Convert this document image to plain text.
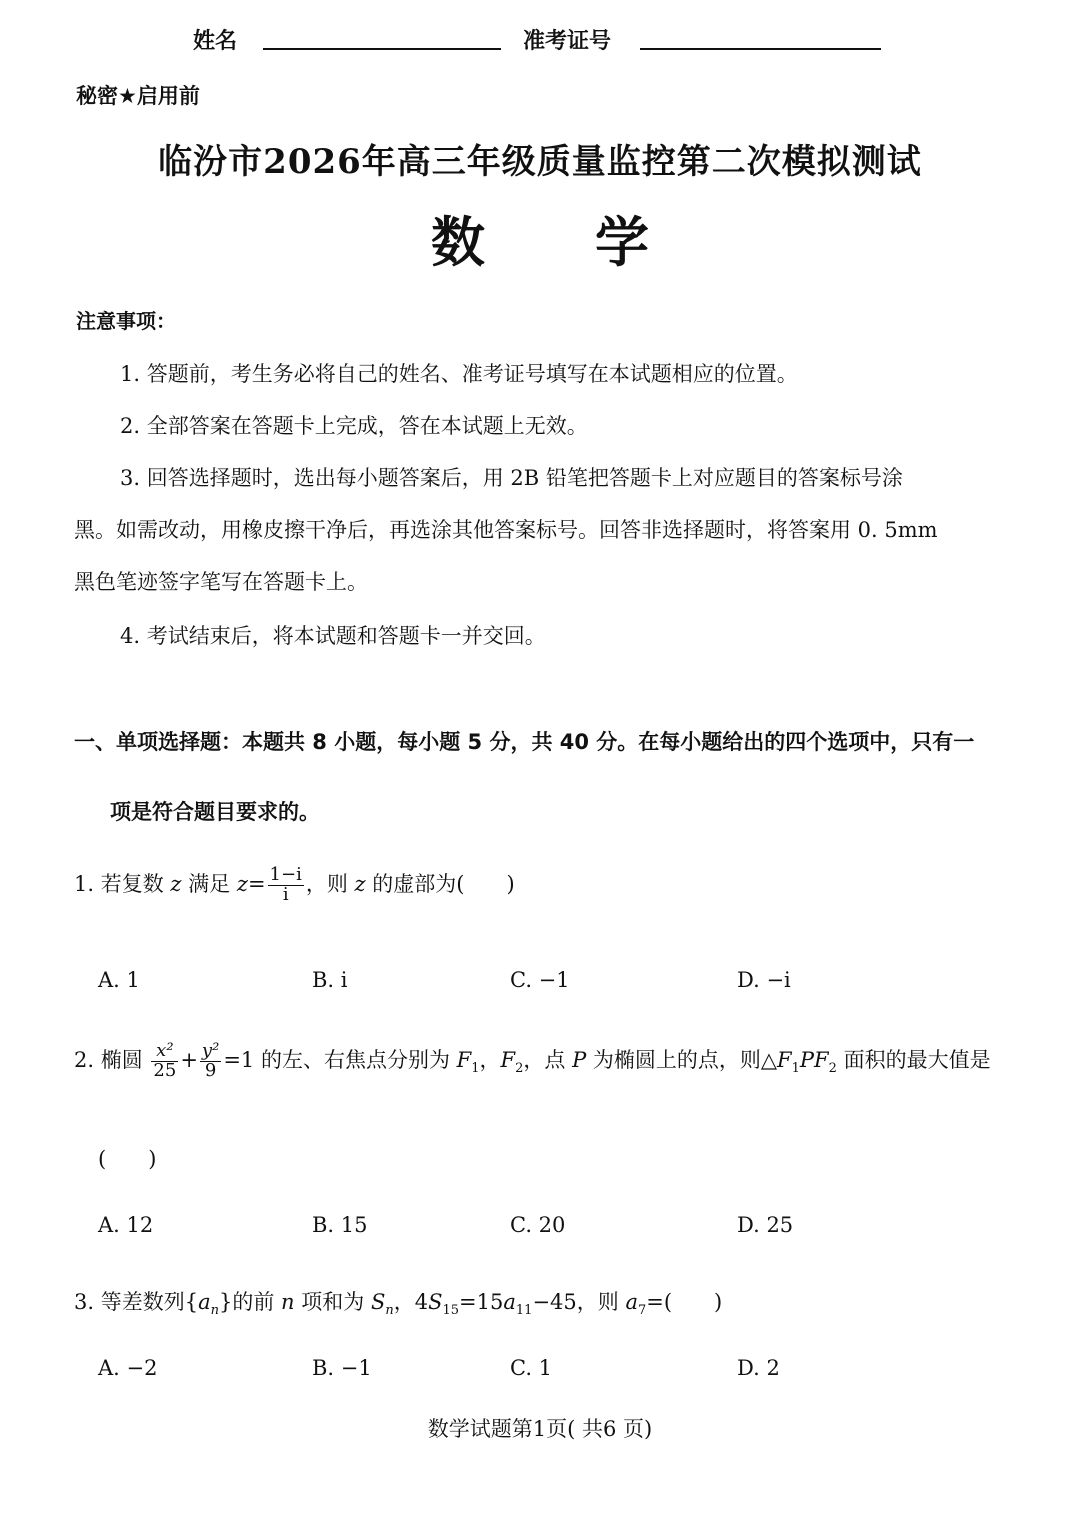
姓名	准考证号
秘密★启用前
临汾市2026年高三年级质量监控第二次模拟测试
数 学
注意事项：
1. 答题前，考生务必将自己的姓名、准考证号填写在本试题相应的位置。
2. 全部答案在答题卡上完成，答在本试题上无效。
3. 回答选择题时，选出每小题答案后，用 2B 铅笔把答题卡上对应题目的答案标号涂
黑。如需改动，用橡皮擦干净后，再选涂其他答案标号。回答非选择题时，将答案用 0. 5mm
黑色笔迹签字笔写在答题卡上。
4. 考试结束后，将本试题和答题卡一并交回。
一、单项选择题：本题共 8 小题，每小题 5 分，共 40 分。在每小题给出的四个选项中，只有一
项是符合题目要求的。
1. 若复数 z 满足 $z= \frac{1-i}{i}$ ，则 z 的虚部为(　　)
A. 1	B. i	C. −1	D. −i
2. 椭圆 $\frac{\text{x²}}{25} + \frac{\text{y²}}{9} =1$ 的左、右焦点分别为 $F_1$，$F_2$，点 P 为椭圆上的点，则$\triangle F_1PF_2$ 面积的最大值是
(　　)
A. 12	B. 15	C. 20	D. 25
3. 等差数列$\{a_n\}$的前 n 项和为 $S_n$，$4S_{15}=15a_{11}-45$，则 $a_7=$(　　)
A. −2	B. −1	C. 1	D. 2
数学试题第1页( 共6 页)
